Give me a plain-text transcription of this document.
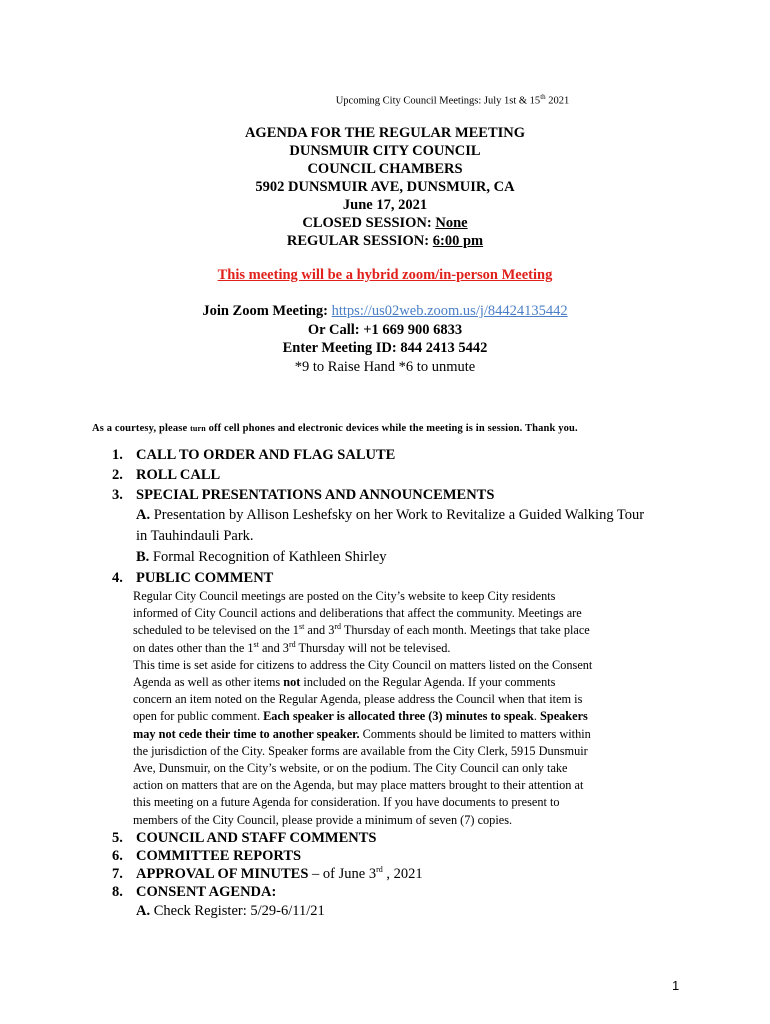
Upcoming City Council Meetings: July 1st & 15th 2021
AGENDA FOR THE REGULAR MEETING
DUNSMUIR CITY COUNCIL
COUNCIL CHAMBERS
5902 DUNSMUIR AVE, DUNSMUIR, CA
June 17, 2021
CLOSED SESSION: None
REGULAR SESSION: 6:00 pm
This meeting will be a hybrid zoom/in-person Meeting
Join Zoom Meeting: https://us02web.zoom.us/j/84424135442
Or Call: +1 669 900 6833
Enter Meeting ID: 844 2413 5442
*9 to Raise Hand *6 to unmute
As a courtesy, please turn off cell phones and electronic devices while the meeting is in session. Thank you.
1. CALL TO ORDER AND FLAG SALUTE
2. ROLL CALL
3. SPECIAL PRESENTATIONS AND ANNOUNCEMENTS
A. Presentation by Allison Leshefsky on her Work to Revitalize a Guided Walking Tour
in Tauhindauli Park.
B. Formal Recognition of Kathleen Shirley
4. PUBLIC COMMENT
Regular City Council meetings are posted on the City’s website to keep City residents
informed of City Council actions and deliberations that affect the community. Meetings are
scheduled to be televised on the 1st and 3rd Thursday of each month. Meetings that take place
on dates other than the 1st and 3rd Thursday will not be televised.
This time is set aside for citizens to address the City Council on matters listed on the Consent
Agenda as well as other items not included on the Regular Agenda. If your comments
concern an item noted on the Regular Agenda, please address the Council when that item is
open for public comment. Each speaker is allocated three (3) minutes to speak. Speakers
may not cede their time to another speaker. Comments should be limited to matters within
the jurisdiction of the City. Speaker forms are available from the City Clerk, 5915 Dunsmuir
Ave, Dunsmuir, on the City’s website, or on the podium. The City Council can only take
action on matters that are on the Agenda, but may place matters brought to their attention at
this meeting on a future Agenda for consideration. If you have documents to present to
members of the City Council, please provide a minimum of seven (7) copies.
5. COUNCIL AND STAFF COMMENTS
6. COMMITTEE REPORTS
7. APPROVAL OF MINUTES – of June 3rd , 2021
8. CONSENT AGENDA:
A. Check Register: 5/29-6/11/21
1
